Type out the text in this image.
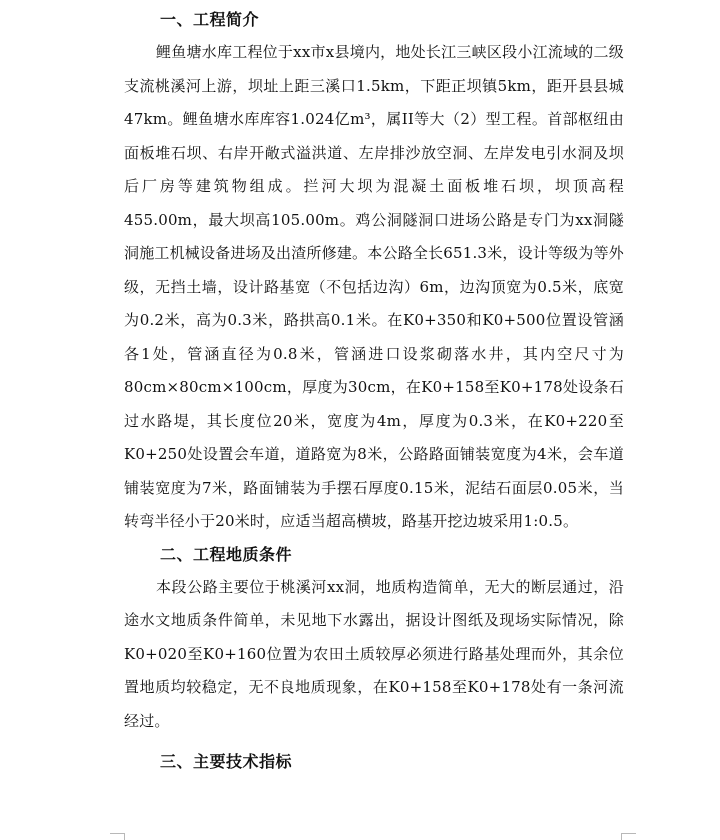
一、工程简介

鲤鱼塘水库工程位于xx市x县境内，地处长江三峡区段小江流域的二级支流桃溪河上游，坝址上距三溪口1.5km，下距正坝镇5km，距开县县城47km。鲤鱼塘水库库容1.024亿m³，属II等大（2）型工程。首部枢纽由面板堆石坝、右岸开敞式溢洪道、左岸排沙放空洞、左岸发电引水洞及坝后厂房等建筑物组成。拦河大坝为混凝土面板堆石坝，坝顶高程455.00m，最大坝高105.00m。鸡公洞隧洞口进场公路是专门为xx洞隧洞施工机械设备进场及出渣所修建。本公路全长651.3米，设计等级为等外级，无挡土墙，设计路基宽（不包括边沟）6m，边沟顶宽为0.5米，底宽为0.2米，高为0.3米，路拱高0.1米。在K0+350和K0+500位置设管涵各1处，管涵直径为0.8米，管涵进口设浆砌落水井，其内空尺寸为80cm×80cm×100cm，厚度为30cm，在K0+158至K0+178处设条石过水路堤，其长度位20米，宽度为4m，厚度为0.3米，在K0+220至K0+250处设置会车道，道路宽为8米，公路路面铺装宽度为4米，会车道铺装宽度为7米，路面铺装为手摆石厚度0.15米，泥结石面层0.05米，当转弯半径小于20米时，应适当超高横坡，路基开挖边坡采用1:0.5。

二、工程地质条件

本段公路主要位于桃溪河xx洞，地质构造简单，无大的断层通过，沿途水文地质条件简单，未见地下水露出，据设计图纸及现场实际情况，除K0+020至K0+160位置为农田土质较厚必须进行路基处理而外，其余位置地质均较稳定，无不良地质现象，在K0+158至K0+178处有一条河流经过。

三、主要技术指标
